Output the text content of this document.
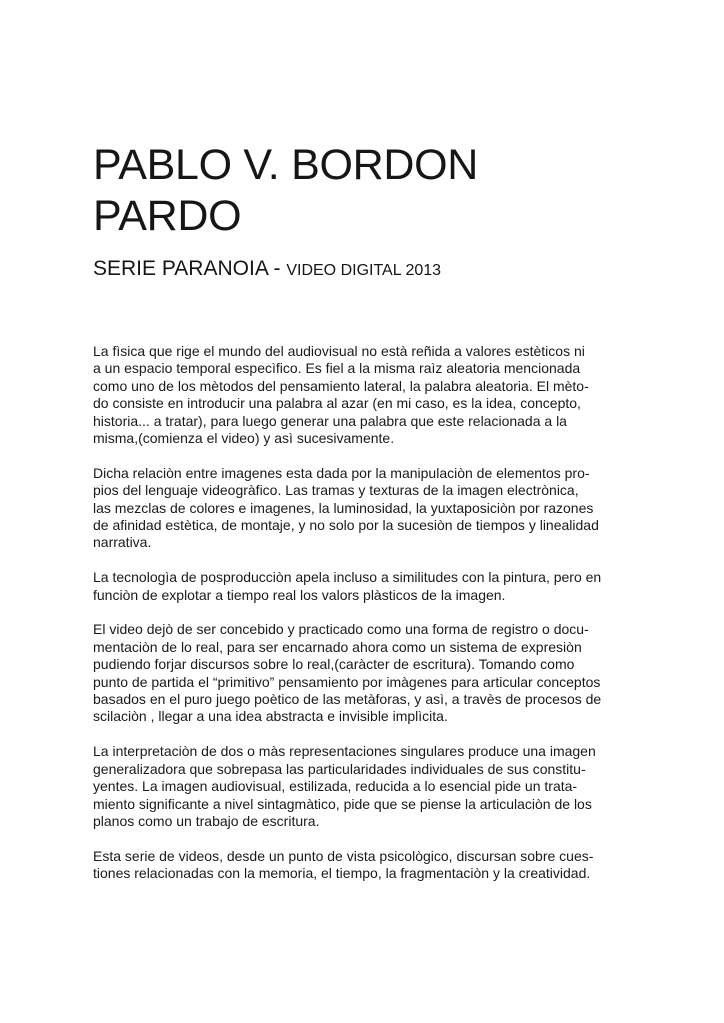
PABLO V. BORDON
PARDO
SERIE PARANOIA - VIDEO DIGITAL 2013

La fìsica que rige el mundo del audiovisual no està reñida a valores estèticos ni
a un espacio temporal especìfico. Es fiel a la misma raìz aleatoria mencionada
como uno de los mètodos del pensamiento lateral, la palabra aleatoria. El mèto-
do consiste en introducir una palabra al azar (en mi caso, es la idea, concepto,
historia... a tratar), para luego generar una palabra que este relacionada a la
misma,(comienza el video) y asì sucesivamente.

Dicha relaciòn entre imagenes esta dada por la manipulaciòn de elementos pro-
pios del lenguaje videogràfico. Las tramas y texturas de la imagen electrònica,
las mezclas de colores e imagenes, la luminosidad, la yuxtaposiciòn por razones
de afinidad estètica, de montaje, y no solo por la sucesiòn de tiempos y linealidad
narrativa.

La tecnologìa de posproducciòn apela incluso a similitudes con la pintura, pero en
funciòn de explotar a tiempo real los valors plàsticos de la imagen.

El video dejò de ser concebido y practicado como una forma de registro o docu-
mentaciòn de lo real, para ser encarnado ahora como un sistema de expresiòn
pudiendo forjar discursos sobre lo real,(caràcter de escritura). Tomando como
punto de partida el “primitivo” pensamiento por imàgenes para articular conceptos
basados en el puro juego poètico de las metàforas, y asì, a travès de procesos de
scilaciòn , llegar a una idea abstracta e invisible implìcita.

La interpretaciòn de dos o màs representaciones singulares produce una imagen
generalizadora que sobrepasa las particularidades individuales de sus constitu-
yentes. La imagen audiovisual, estilizada, reducida a lo esencial pide un trata-
miento significante a nivel sintagmàtico, pide que se piense la articulaciòn de los
planos como un trabajo de escritura.

Esta serie de videos, desde un punto de vista psicològico, discursan sobre cues-
tiones relacionadas con la memoria, el tiempo, la fragmentaciòn y la creatividad.
